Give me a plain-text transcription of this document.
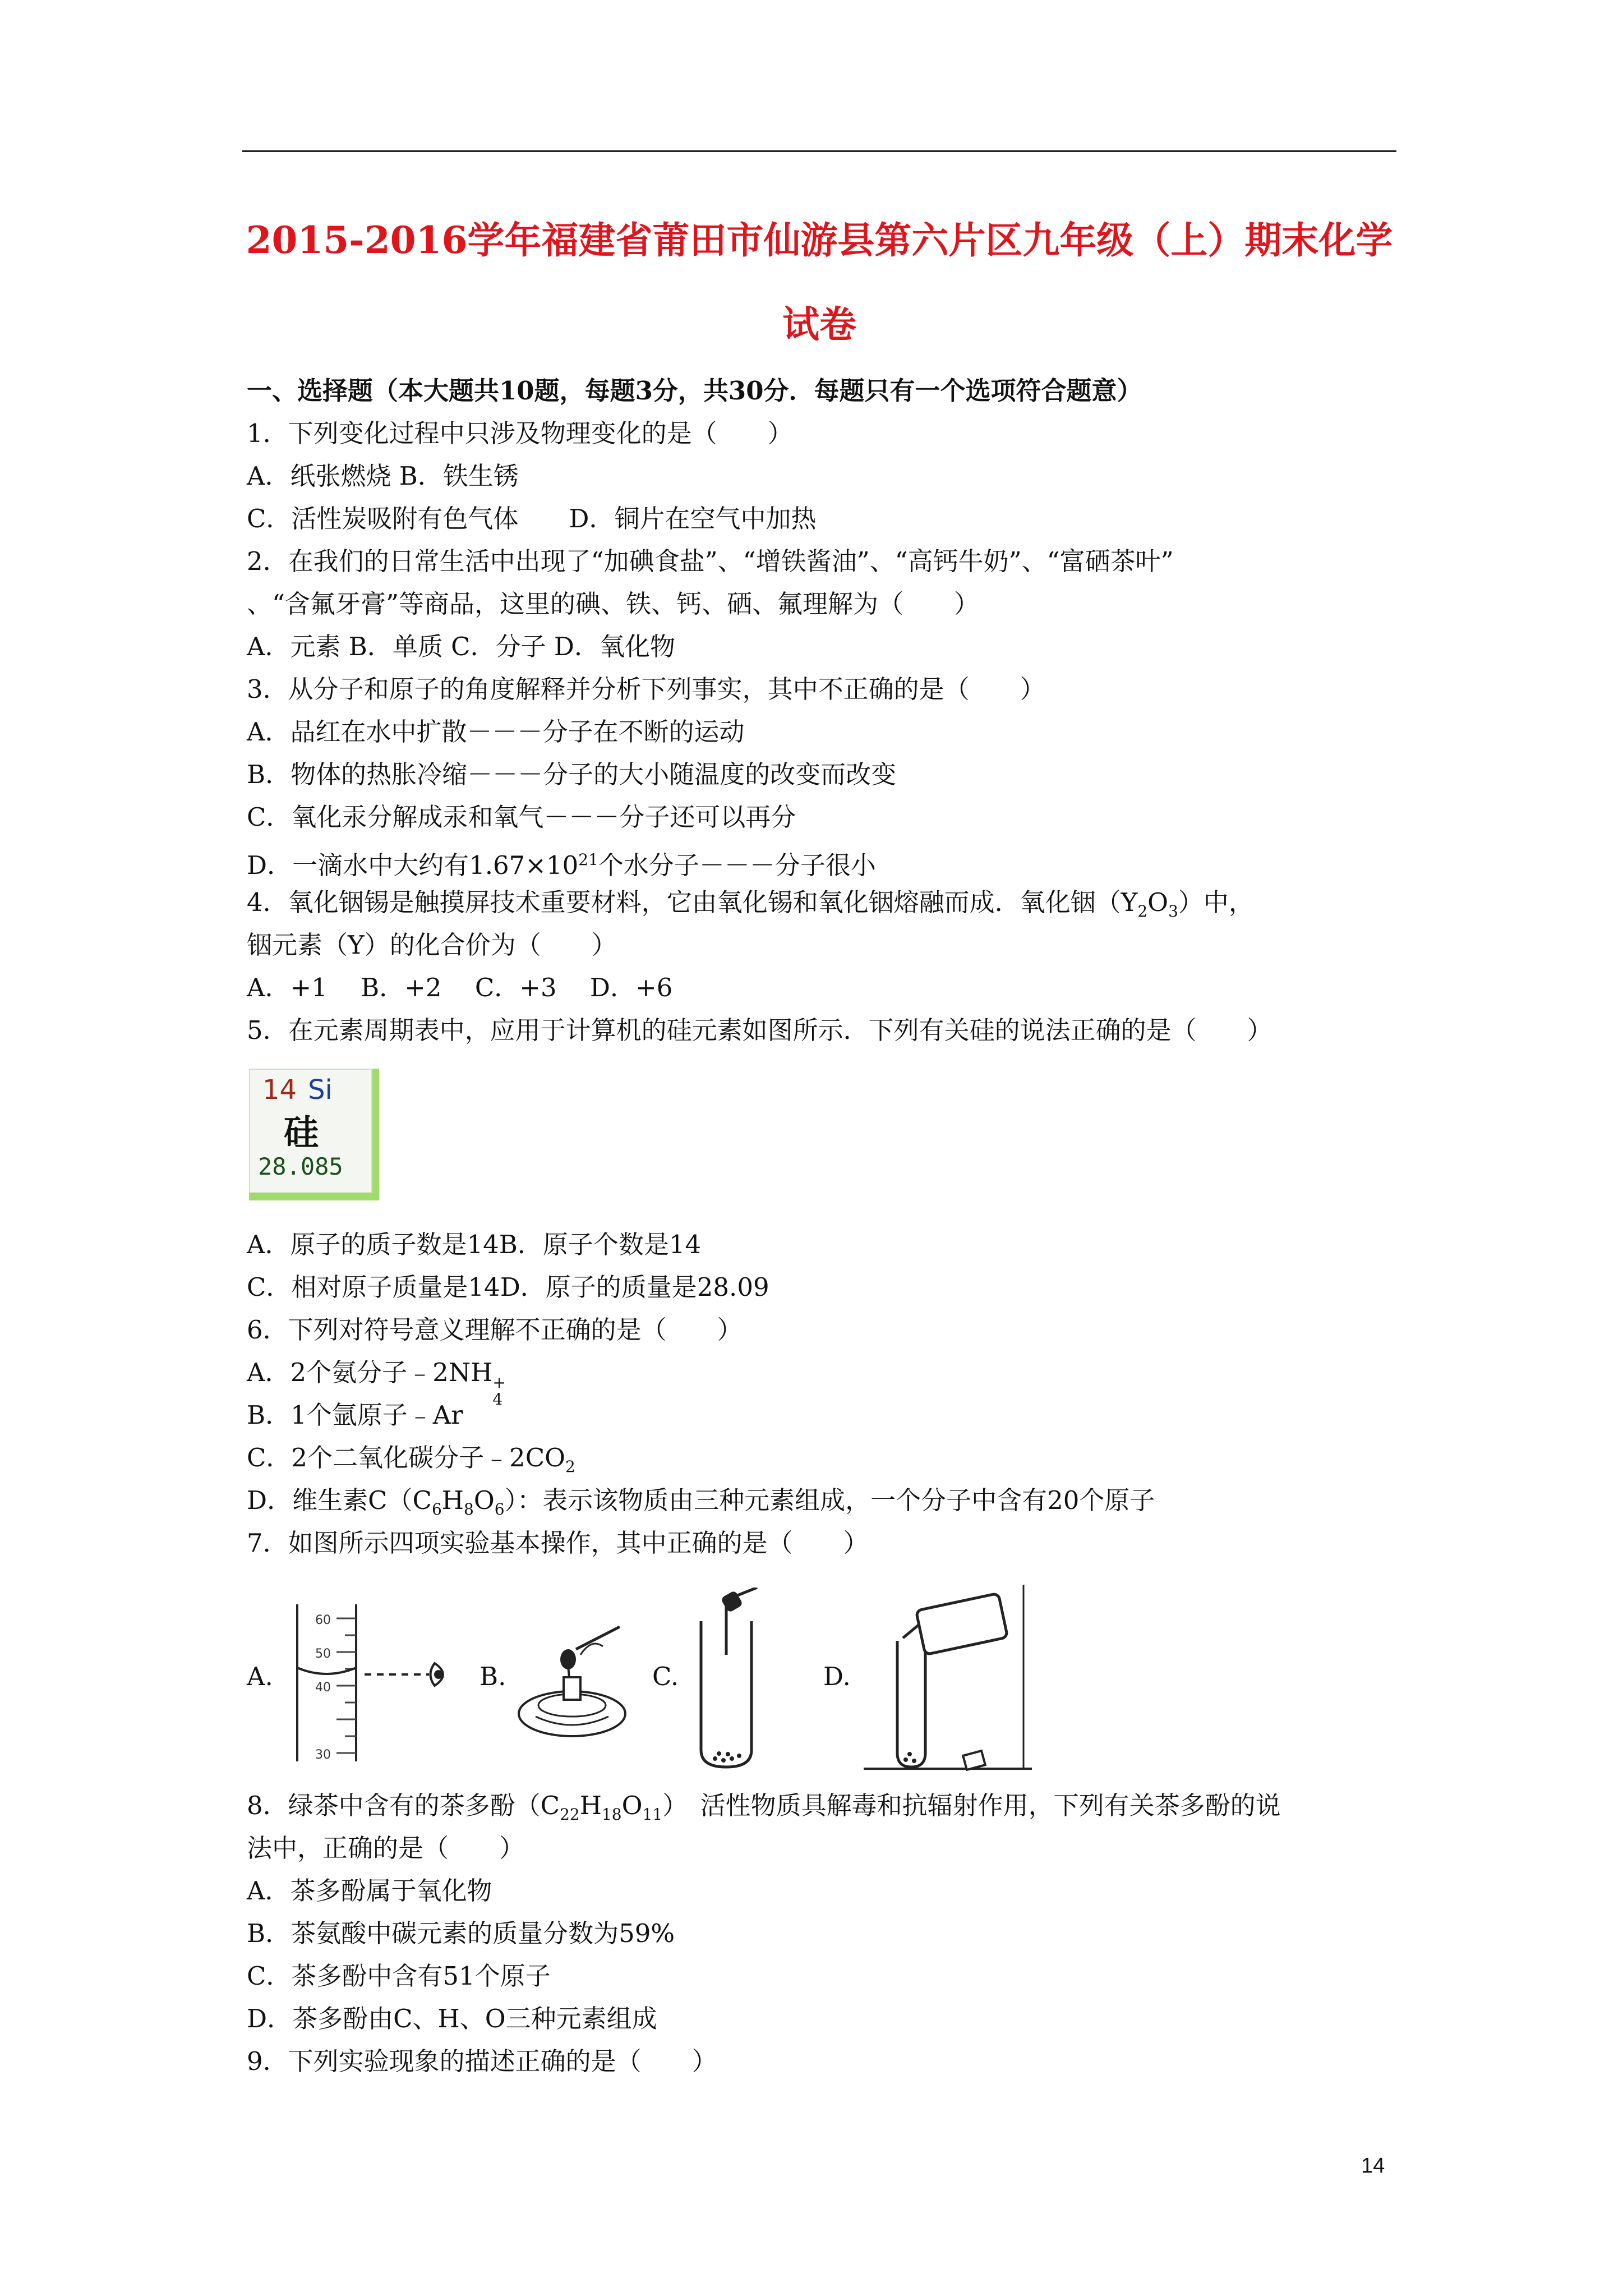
2015-2016学年福建省莆田市仙游县第六片区九年级（上）期末化学
试卷
一、选择题（本大题共10题，每题3分，共30分．每题只有一个选项符合题意）
1．下列变化过程中只涉及物理变化的是（　　）
A．纸张燃烧 B．铁生锈
C．活性炭吸附有色气体　　D．铜片在空气中加热
2．在我们的日常生活中出现了“加碘食盐”、“增铁酱油”、“高钙牛奶”、“富硒茶叶”
、“含氟牙膏”等商品，这里的碘、铁、钙、硒、氟理解为（　　）
A．元素 B．单质 C．分子 D．氧化物
3．从分子和原子的角度解释并分析下列事实，其中不正确的是（　　）
A．品红在水中扩散－－－分子在不断的运动
B．物体的热胀冷缩－－－分子的大小随温度的改变而改变
C．氧化汞分解成汞和氧气－－－分子还可以再分
D．一滴水中大约有$1.67\times 10^{21}$个水分子－－－分子很小
4．氧化铟锡是触摸屏技术重要材料，它由氧化锡和氧化铟熔融而成．氧化铟$(Y_2O_3)$中，
铟元素（Y）的化合价为（　　）
A．+1　 B．+2　 C．+3　 D．+6
5．在元素周期表中，应用于计算机的硅元素如图所示．下列有关硅的说法正确的是（　　）
14 Si
硅
28.085
A．原子的质子数是14B．原子个数是14
C．相对原子质量是14D．原子的质量是28.09
6．下列对符号意义理解不正确的是（　　）
A．2个氨分子﹣2NH +
4
B．1个氩原子﹣Ar
C．2个二氧化碳分子$﹣2CO_2$
D．维生素$C(C_6H_8O_6)$：表示该物质由三种元素组成，一个分子中含有20个原子
7．如图所示四项实验基本操作，其中正确的是（　　）
A.
60
50
40
30
B.	C.	D.
8．绿茶中含有的茶多酚$(C_{22}H_{18}O_{11})$　活性物质具解毒和抗辐射作用，下列有关茶多酚的说
法中，正确的是（　　）
A．茶多酚属于氧化物
B．茶氨酸中碳元素的质量分数为59%
C．茶多酚中含有51个原子
D．茶多酚由C、H、O三种元素组成
9．下列实验现象的描述正确的是（　　）
14
